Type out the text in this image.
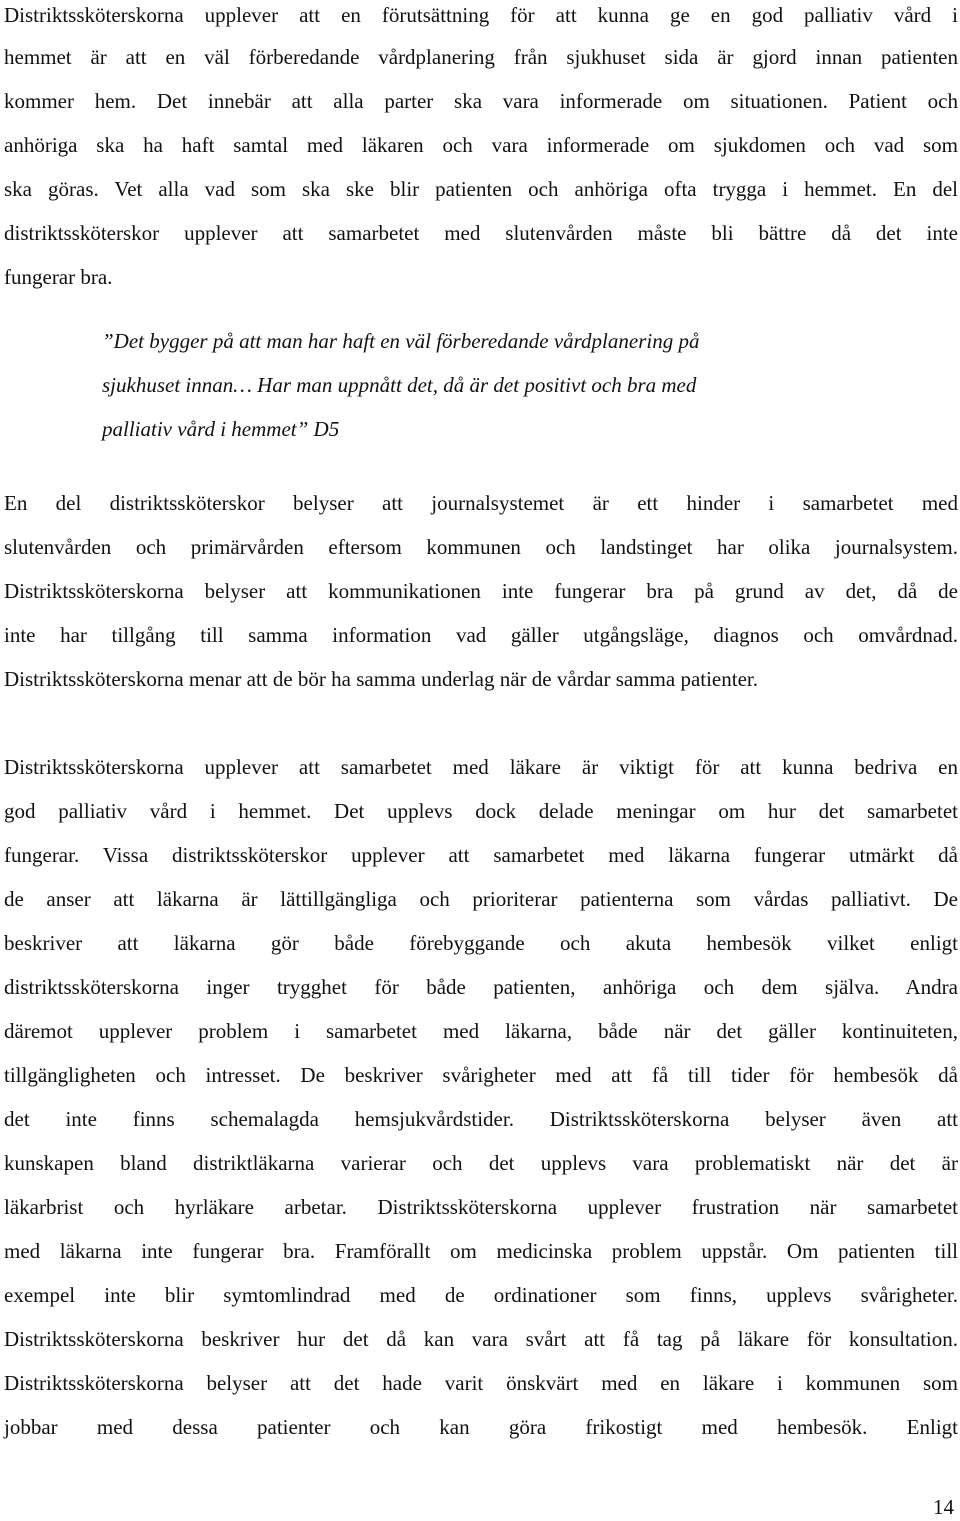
Distriktssköterskorna upplever att en förutsättning för att kunna ge en god palliativ vård i
hemmet är att en väl förberedande vårdplanering från sjukhuset sida är gjord innan patienten
kommer hem. Det innebär att alla parter ska vara informerade om situationen. Patient och
anhöriga ska ha haft samtal med läkaren och vara informerade om sjukdomen och vad som
ska göras. Vet alla vad som ska ske blir patienten och anhöriga ofta trygga i hemmet. En del
distriktssköterskor upplever att samarbetet med slutenvården måste bli bättre då det inte
fungerar bra.
”Det bygger på att man har haft en väl förberedande vårdplanering på
sjukhuset innan… Har man uppnått det, då är det positivt och bra med
palliativ vård i hemmet” D5
En del distriktssköterskor belyser att journalsystemet är ett hinder i samarbetet med
slutenvården och primärvården eftersom kommunen och landstinget har olika journalsystem.
Distriktssköterskorna belyser att kommunikationen inte fungerar bra på grund av det, då de
inte har tillgång till samma information vad gäller utgångsläge, diagnos och omvårdnad.
Distriktssköterskorna menar att de bör ha samma underlag när de vårdar samma patienter.
Distriktssköterskorna upplever att samarbetet med läkare är viktigt för att kunna bedriva en
god palliativ vård i hemmet. Det upplevs dock delade meningar om hur det samarbetet
fungerar. Vissa distriktssköterskor upplever att samarbetet med läkarna fungerar utmärkt då
de anser att läkarna är lättillgängliga och prioriterar patienterna som vårdas palliativt. De
beskriver att läkarna gör både förebyggande och akuta hembesök vilket enligt
distriktssköterskorna inger trygghet för både patienten, anhöriga och dem själva. Andra
däremot upplever problem i samarbetet med läkarna, både när det gäller kontinuiteten,
tillgängligheten och intresset. De beskriver svårigheter med att få till tider för hembesök då
det inte finns schemalagda hemsjukvårdstider. Distriktssköterskorna belyser även att
kunskapen bland distriktläkarna varierar och det upplevs vara problematiskt när det är
läkarbrist och hyrläkare arbetar. Distriktssköterskorna upplever frustration när samarbetet
med läkarna inte fungerar bra. Framförallt om medicinska problem uppstår. Om patienten till
exempel inte blir symtomlindrad med de ordinationer som finns, upplevs svårigheter.
Distriktssköterskorna beskriver hur det då kan vara svårt att få tag på läkare för konsultation.
Distriktssköterskorna belyser att det hade varit önskvärt med en läkare i kommunen som
jobbar med dessa patienter och kan göra frikostigt med hembesök. Enligt
14
